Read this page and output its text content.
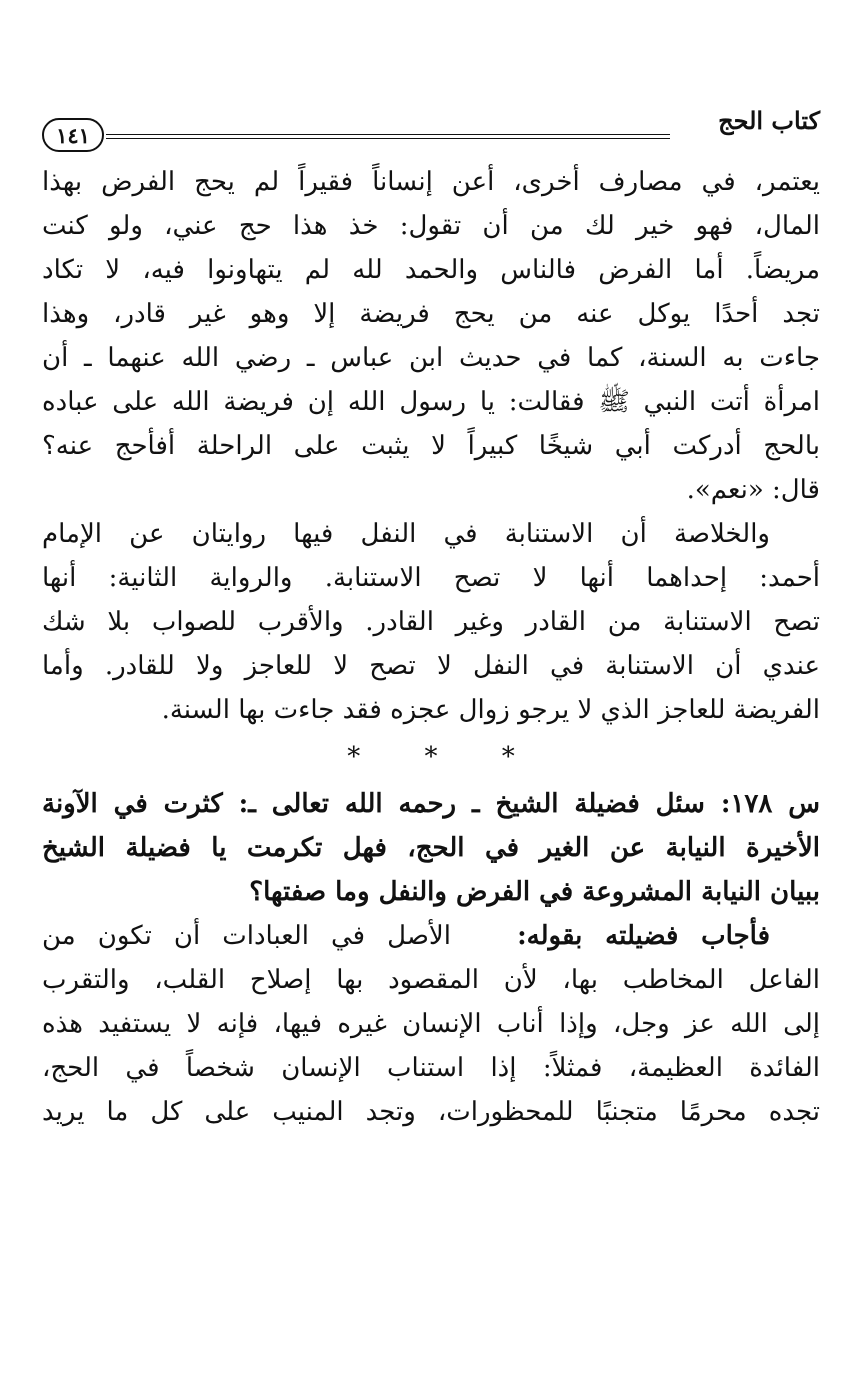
كتاب الحج
١٤١
يعتمر، في مصارف أخرى، أعن إنساناً فقيراً لم يحج الفرض بهذا
المال، فهو خير لك من أن تقول: خذ هذا حج عني، ولو كنت
مريضاً. أما الفرض فالناس والحمد لله لم يتهاونوا فيه، لا تكاد
تجد أحدًا يوكل عنه من يحج فريضة إلا وهو غير قادر، وهذا
جاءت به السنة، كما في حديث ابن عباس ـ رضي الله عنهما ـ أن
امرأة أتت النبي ﷺ فقالت: يا رسول الله إن فريضة الله على عباده
بالحج أدركت أبي شيخًا كبيراً لا يثبت على الراحلة أفأحج عنه؟
قال: «نعم».
والخلاصة أن الاستنابة في النفل فيها روايتان عن الإمام
أحمد: إحداهما أنها لا تصح الاستنابة. والرواية الثانية: أنها
تصح الاستنابة من القادر وغير القادر. والأقرب للصواب بلا شك
عندي أن الاستنابة في النفل لا تصح لا للعاجز ولا للقادر. وأما
الفريضة للعاجز الذي لا يرجو زوال عجزه فقد جاءت بها السنة.
* * *
س ١٧٨: سئل فضيلة الشيخ ـ رحمه الله تعالى ـ: كثرت في الآونة
الأخيرة النيابة عن الغير في الحج، فهل تكرمت يا فضيلة الشيخ
ببيان النيابة المشروعة في الفرض والنفل وما صفتها؟
فأجاب فضيلته بقوله:   الأصل في العبادات أن تكون من
الفاعل المخاطب بها، لأن المقصود بها إصلاح القلب، والتقرب
إلى الله عز وجل، وإذا أناب الإنسان غيره فيها، فإنه لا يستفيد هذه
الفائدة العظيمة، فمثلاً: إذا استناب الإنسان شخصاً في الحج،
تجده محرمًا متجنبًا للمحظورات، وتجد المنيب على كل ما يريد
